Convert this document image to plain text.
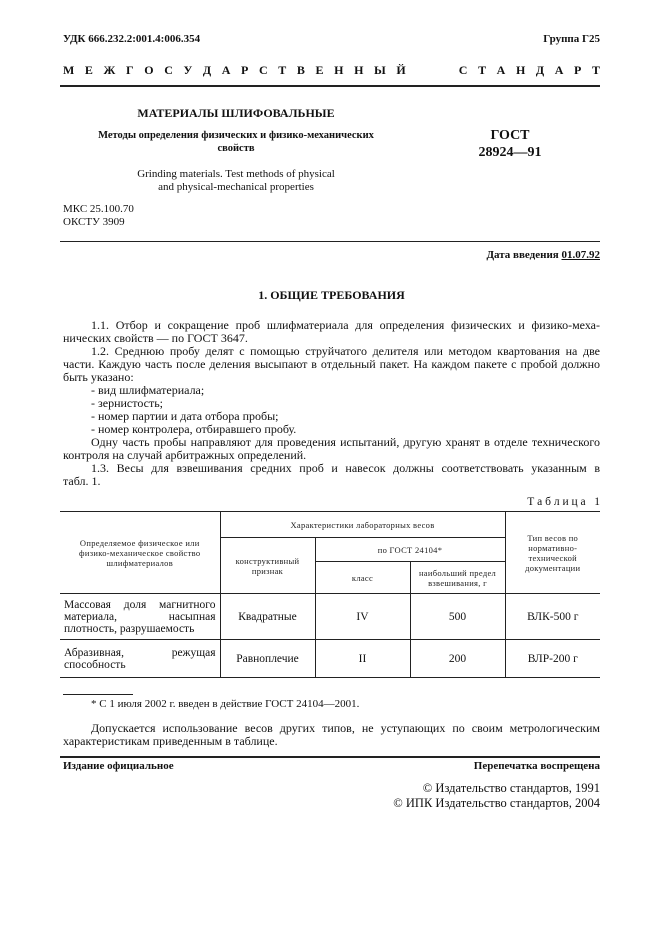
УДК 666.232.2:001.4:006.354	Группа Г25
М Е Ж Г О С У Д А Р С Т В Е Н Н Ы Й     С Т А Н Д А Р Т
МАТЕРИАЛЫ ШЛИФОВАЛЬНЫЕ
Методы определения физических и физико-механических
свойств
Grinding materials. Test methods of physical
and physical-mechanical properties
ГОСТ
28924—91
МКС 25.100.70
ОКСТУ 3909
Дата введения 01.07.92
1. ОБЩИЕ ТРЕБОВАНИЯ
1.1. Отбор и сокращение проб шлифматериала для определения физических и физико-меха-
нических свойств — по ГОСТ 3647.
1.2. Среднюю пробу делят с помощью струйчатого делителя или методом квартования на две
части. Каждую часть после деления высыпают в отдельный пакет. На каждом пакете с пробой должно
быть указано:
- вид шлифматериала;
- зернистость;
- номер партии и дата отбора пробы;
- номер контролера, отбиравшего пробу.
Одну часть пробы направляют для проведения испытаний, другую хранят в отделе технического
контроля на случай арбитражных определений.
1.3. Весы для взвешивания средних проб и навесок должны соответствовать указанным в
табл. 1.
Т а б л и ц а   1
Определяемое физическое или физико-механическое свойство шлифматериалов	Характеристики лабораторных весов			Тип весов по нормативно-технической документации
	конструктивный признак	по ГОСТ 24104*		
		класс	наибольший предел взвешивания, г	
Массовая доля магнитного материала, насыпная плотность, разрушаемость	Квадратные	IV	500	ВЛК-500 г
Абразивная, режущая способность	Равноплечие	II	200	ВЛР-200 г
* С 1 июля 2002 г. введен в действие ГОСТ 24104—2001.
Допускается использование весов других типов, не уступающих по своим метрологическим
характеристикам приведенным в таблице.
Издание официальное	Перепечатка воспрещена
© Издательство стандартов, 1991
© ИПК Издательство стандартов, 2004
